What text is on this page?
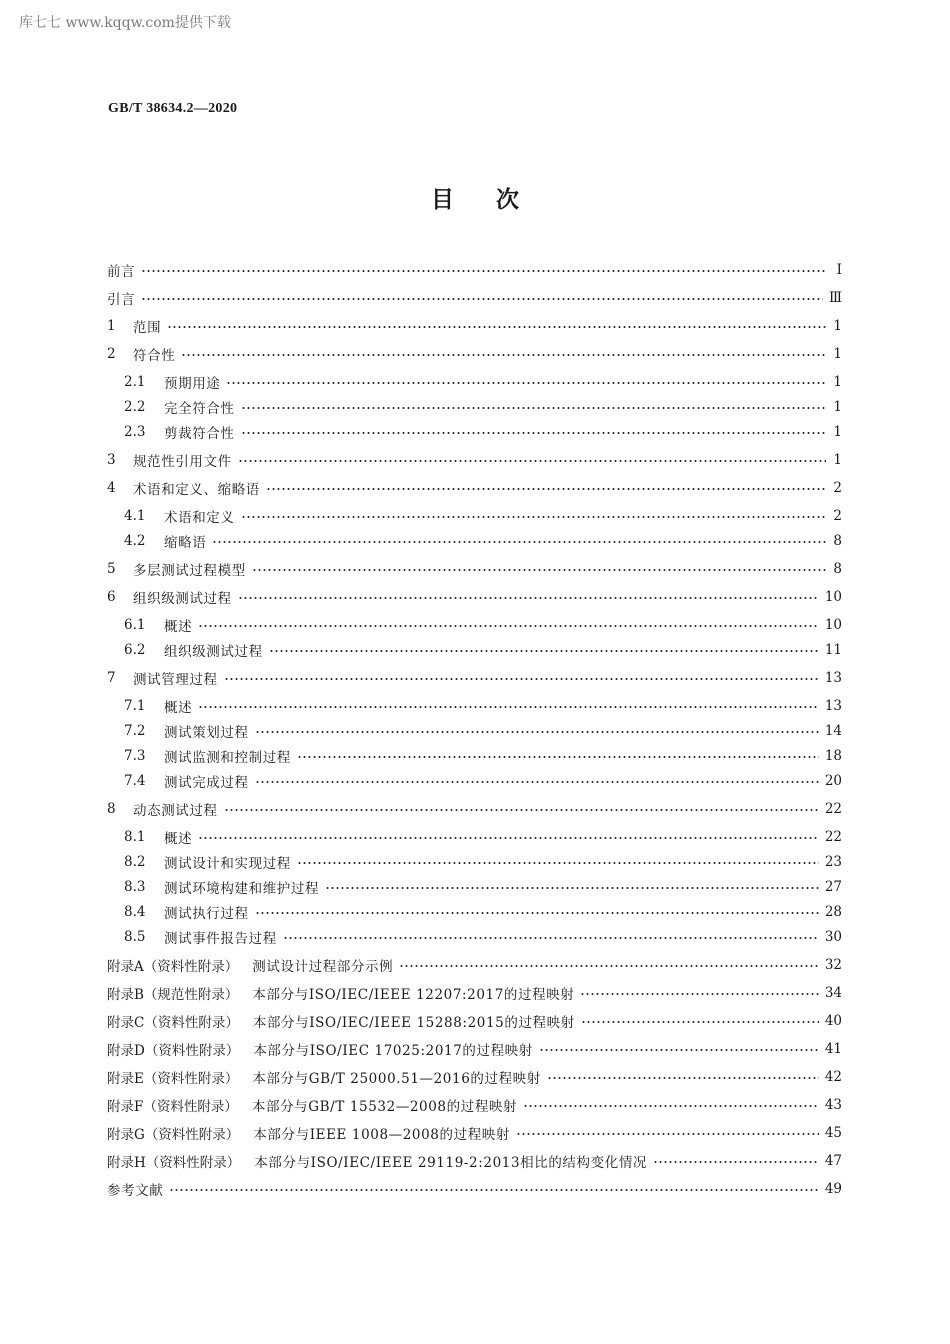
库七七 www.kqqw.com提供下载
GB/T 38634.2—2020
目次
前言	Ⅰ
引言	Ⅲ
1	范围	1
2	符合性	1
2.1	预期用途	1
2.2	完全符合性	1
2.3	剪裁符合性	1
3	规范性引用文件	1
4	术语和定义、缩略语	2
4.1	术语和定义	2
4.2	缩略语	8
5	多层测试过程模型	8
6	组织级测试过程	10
6.1	概述	10
6.2	组织级测试过程	11
7	测试管理过程	13
7.1	概述	13
7.2	测试策划过程	14
7.3	测试监测和控制过程	18
7.4	测试完成过程	20
8	动态测试过程	22
8.1	概述	22
8.2	测试设计和实现过程	23
8.3	测试环境构建和维护过程	27
8.4	测试执行过程	28
8.5	测试事件报告过程	30
附录A（资料性附录） 测试设计过程部分示例	32
附录B（规范性附录） 本部分与ISO/IEC/IEEE 12207:2017的过程映射	34
附录C（资料性附录） 本部分与ISO/IEC/IEEE 15288:2015的过程映射	40
附录D（资料性附录） 本部分与ISO/IEC 17025:2017的过程映射	41
附录E（资料性附录） 本部分与GB/T 25000.51—2016的过程映射	42
附录F（资料性附录） 本部分与GB/T 15532—2008的过程映射	43
附录G（资料性附录） 本部分与IEEE 1008—2008的过程映射	45
附录H（资料性附录） 本部分与ISO/IEC/IEEE 29119-2:2013相比的结构变化情况	47
参考文献	49
